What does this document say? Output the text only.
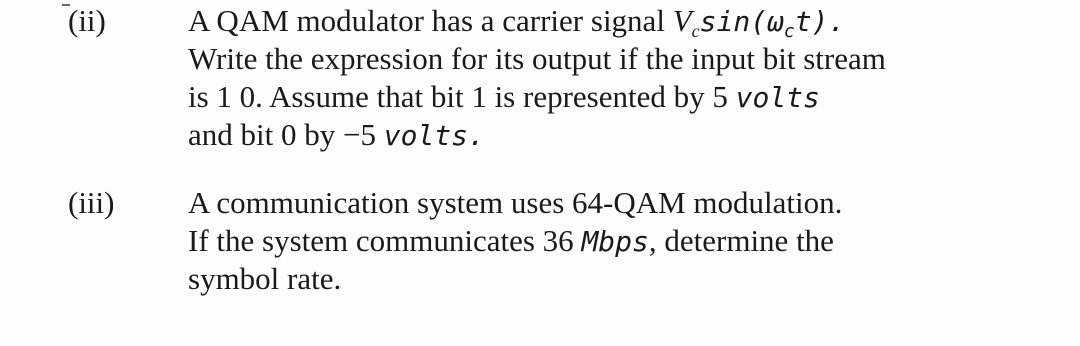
(ii)	A QAM modulator has a carrier signal $V_c\sin(\omega_ct)$.
Write the expression for its output if the input bit stream
is 1 0. Assume that bit 1 is represented by 5 volts
and bit 0 by −5 volts.
(iii) A communication system uses 64-QAM modulation.
If the system communicates 36 Mbps, determine the
symbol rate.
